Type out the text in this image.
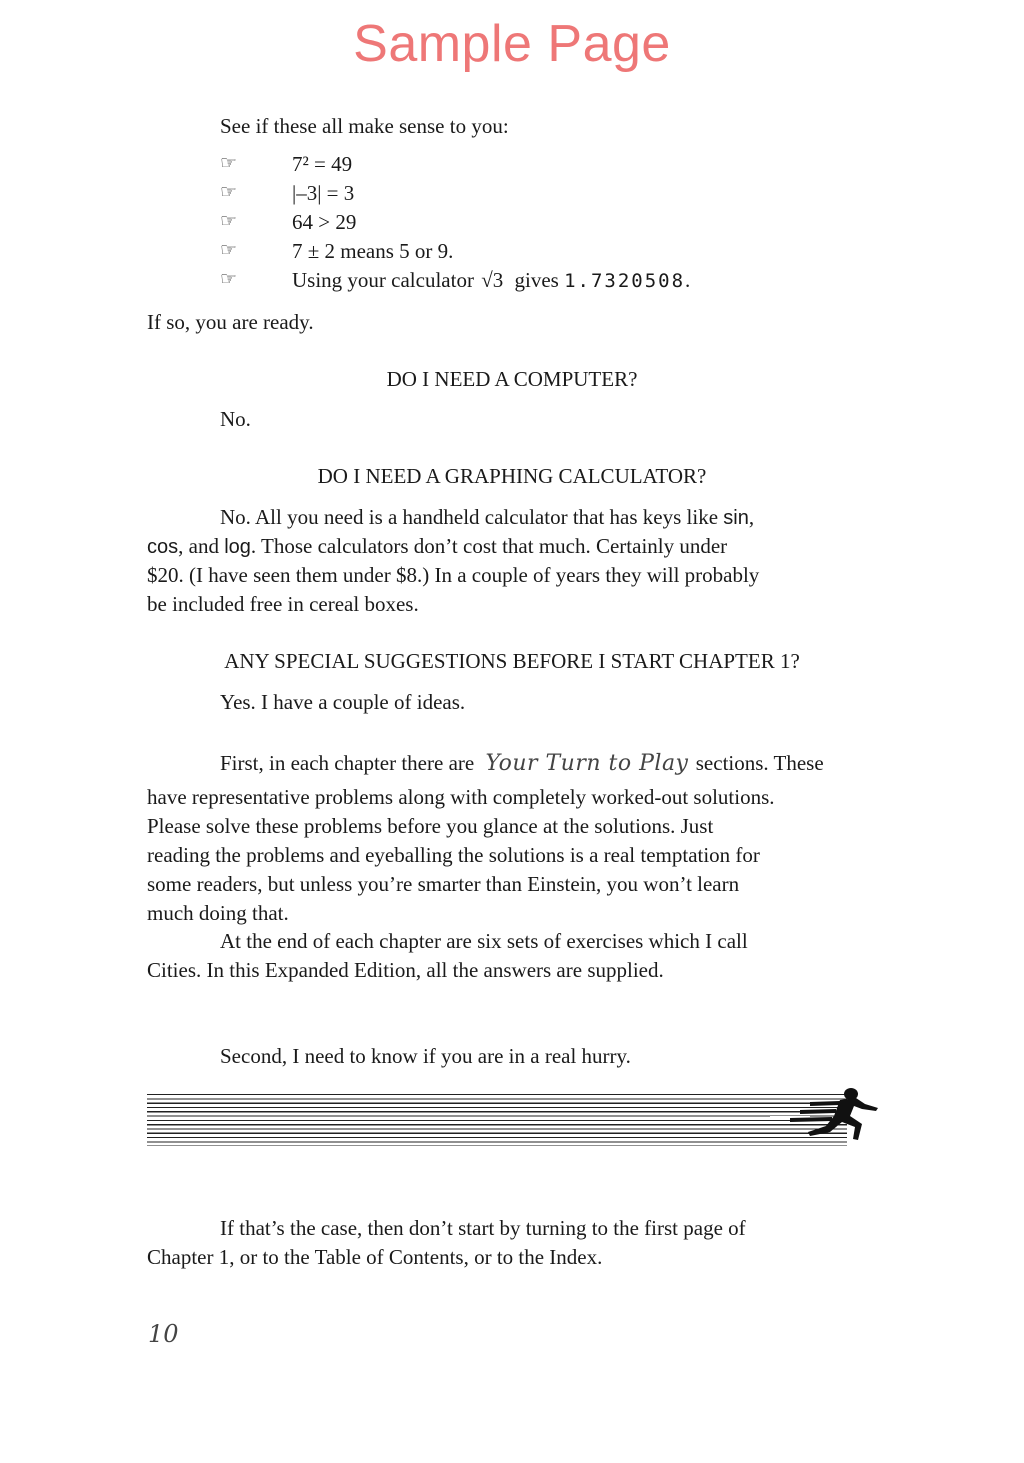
Sample Page
See if these all make sense to you:
☞	7² = 49
☞	|–3| = 3
☞	64 > 29
☞	7 ± 2 means 5 or 9.
☞	Using your calculator √3 gives 1.7320508.
If so, you are ready.
DO I NEED A COMPUTER?
No.
DO I NEED A GRAPHING CALCULATOR?
No. All you need is a handheld calculator that has keys like sin,
cos, and log. Those calculators don’t cost that much. Certainly under
$20. (I have seen them under $8.) In a couple of years they will probably
be included free in cereal boxes.
ANY SPECIAL SUGGESTIONS BEFORE I START CHAPTER 1?
Yes. I have a couple of ideas.
First, in each chapter there are Your Turn to Play sections. These
have representative problems along with completely worked-out solutions.
Please solve these problems before you glance at the solutions. Just
reading the problems and eyeballing the solutions is a real temptation for
some readers, but unless you’re smarter than Einstein, you won’t learn
much doing that.
At the end of each chapter are six sets of exercises which I call
Cities. In this Expanded Edition, all the answers are supplied.
Second, I need to know if you are in a real hurry.
If that’s the case, then don’t start by turning to the first page of
Chapter 1, or to the Table of Contents, or to the Index.
10
